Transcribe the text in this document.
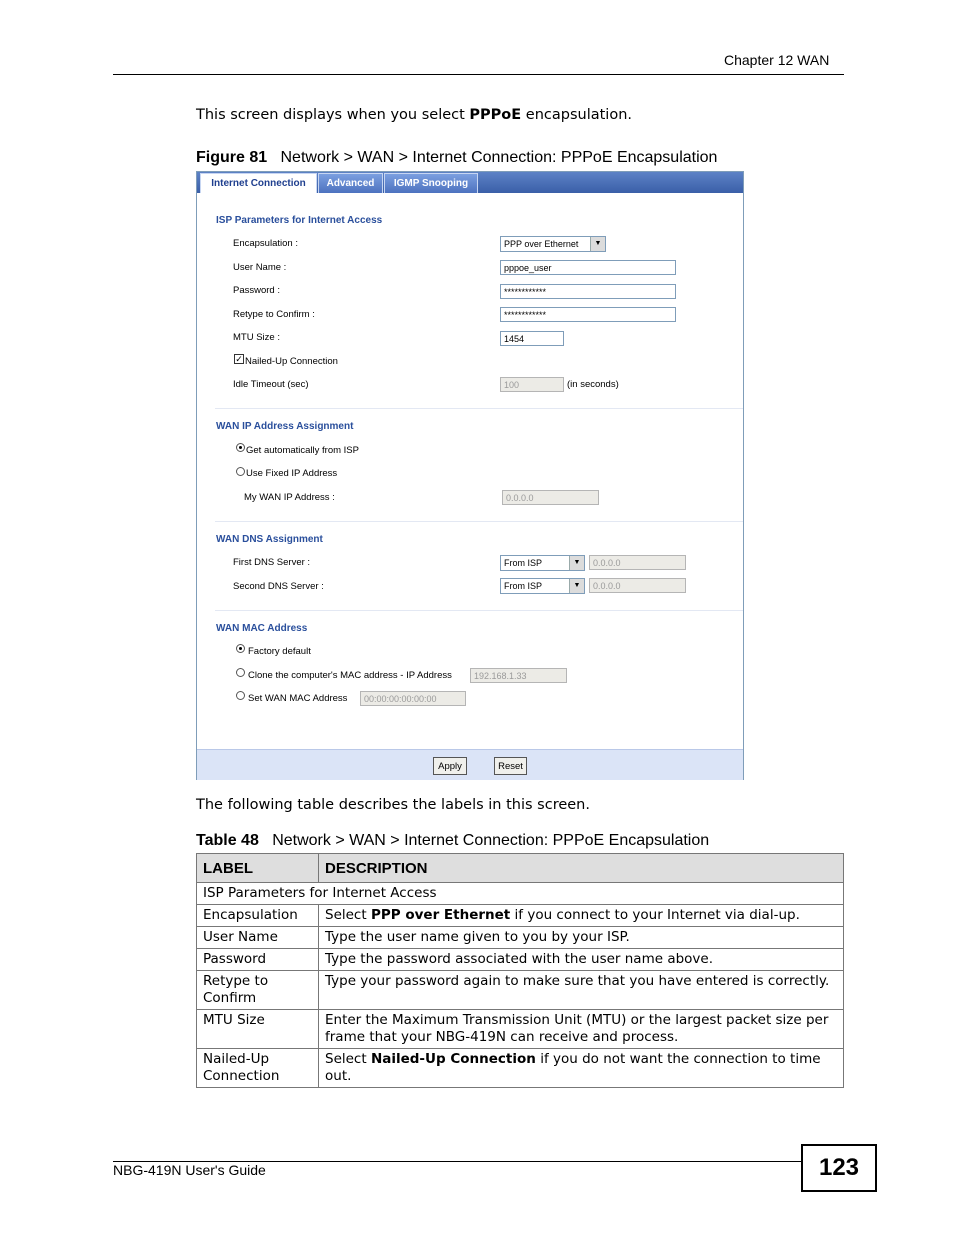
Chapter 12 WAN
This screen displays when you select PPPoE encapsulation.
Figure 81 Network > WAN > Internet Connection: PPPoE Encapsulation
Internet Connection	Advanced	IGMP Snooping
ISP Parameters for Internet Access
Encapsulation :	PPP over Ethernet	▼
User Name :	pppoe_user
Password :	************
Retype to Confirm :	************
MTU Size :	1454
✓ Nailed-Up Connection
Idle Timeout (sec)	100	(in seconds)
WAN IP Address Assignment
Get automatically from ISP
Use Fixed IP Address
My WAN IP Address :	0.0.0.0
WAN DNS Assignment
First DNS Server :	From ISP	▼	0.0.0.0
Second DNS Server :	From ISP	▼	0.0.0.0
WAN MAC Address
Factory default
Clone the computer's MAC address - IP Address	192.168.1.33
Set WAN MAC Address	00:00:00:00:00:00
Apply	Reset
The following table describes the labels in this screen.
Table 48 Network > WAN > Internet Connection: PPPoE Encapsulation
LABEL	DESCRIPTION
ISP Parameters for Internet Access	
Encapsulation	Select PPP over Ethernet if you connect to your Internet via dial-up.
User Name	Type the user name given to you by your ISP.
Password	Type the password associated with the user name above.
Retype to Confirm	Type your password again to make sure that you have entered is correctly.
MTU Size	Enter the Maximum Transmission Unit (MTU) or the largest packet size per frame that your NBG-419N can receive and process.
Nailed-Up Connection	Select Nailed-Up Connection if you do not want the connection to time out.
NBG-419N User's Guide	123
